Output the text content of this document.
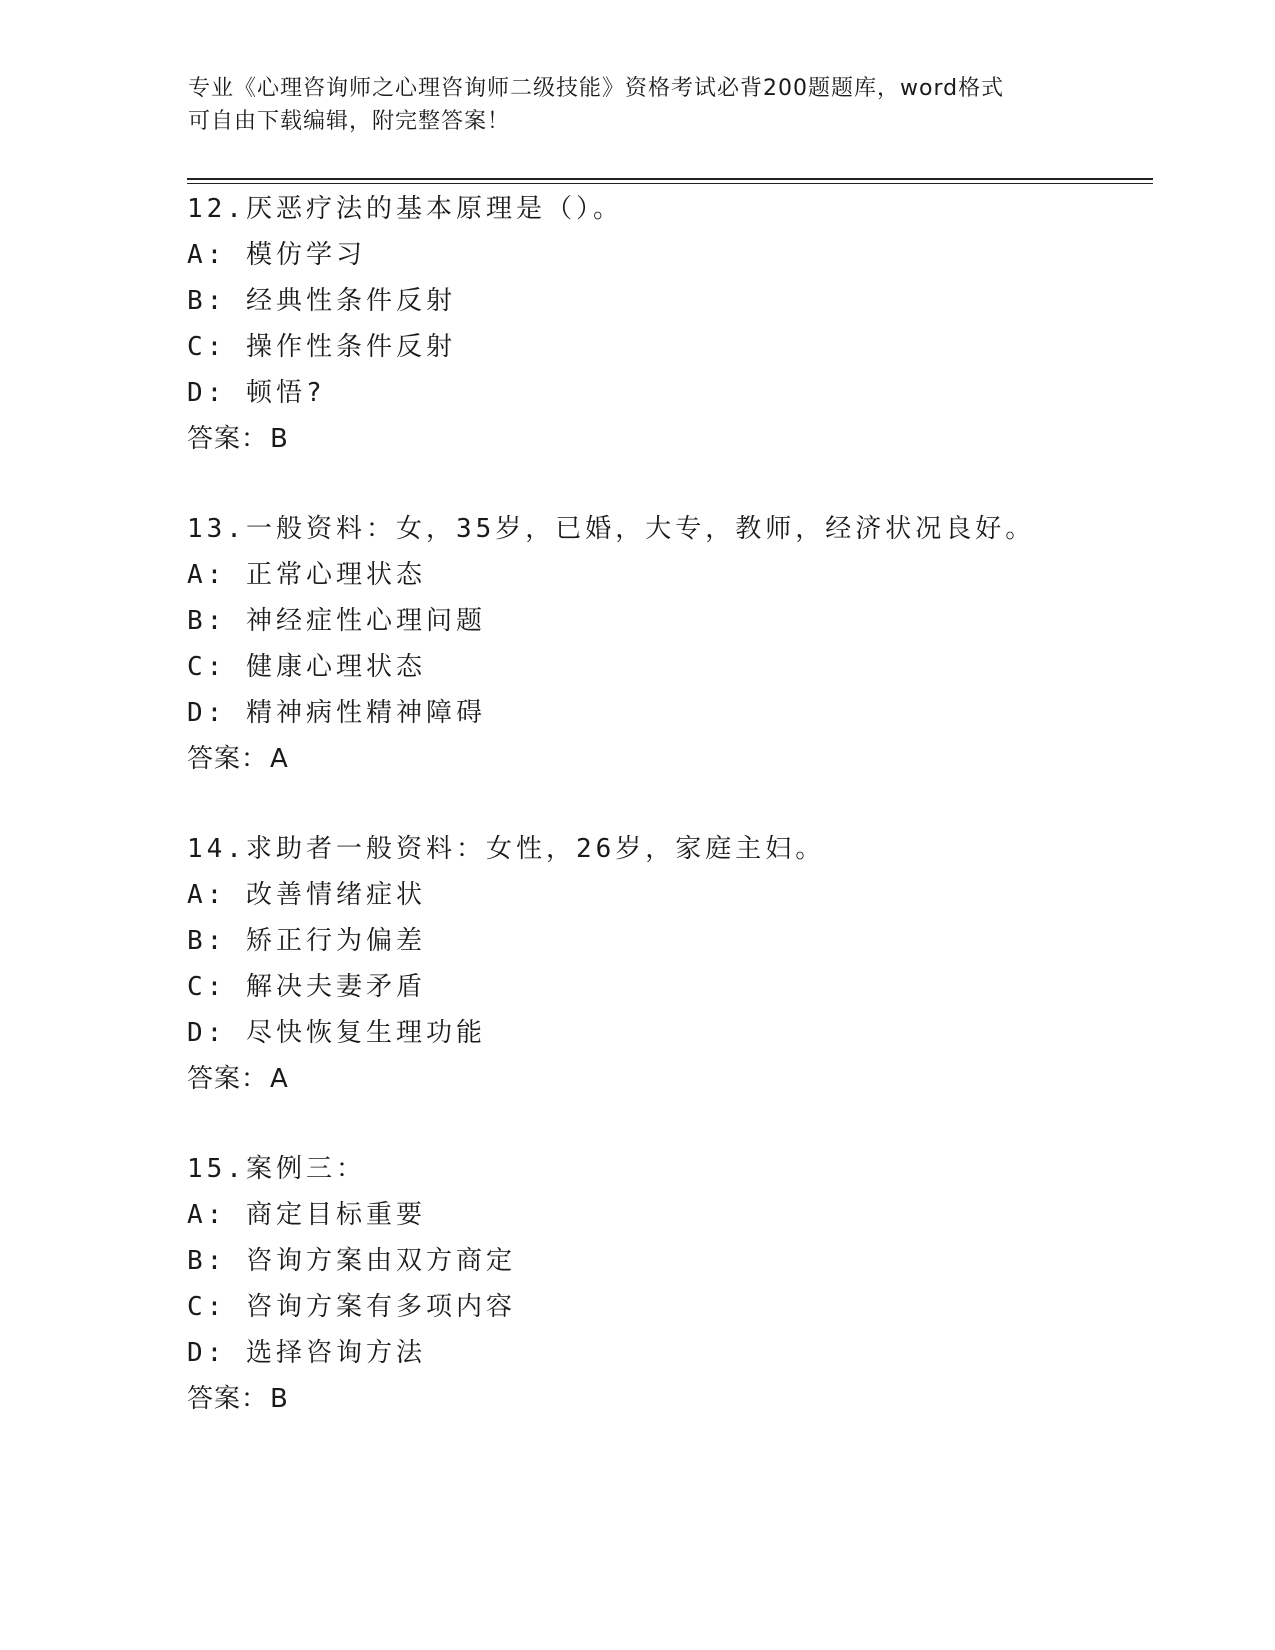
专业《心理咨询师之心理咨询师二级技能》资格考试必背200题题库，word格式
可自由下载编辑，附完整答案！
12.厌恶疗法的基本原理是（）。
A: 模仿学习
B: 经典性条件反射
C: 操作性条件反射
D: 顿悟?
答案：B
13.一般资料：女，35岁，已婚，大专，教师，经济状况良好。
A: 正常心理状态
B: 神经症性心理问题
C: 健康心理状态
D: 精神病性精神障碍
答案：A
14.求助者一般资料：女性，26岁，家庭主妇。
A: 改善情绪症状
B: 矫正行为偏差
C: 解决夫妻矛盾
D: 尽快恢复生理功能
答案：A
15.案例三：
A: 商定目标重要
B: 咨询方案由双方商定
C: 咨询方案有多项内容
D: 选择咨询方法
答案：B
